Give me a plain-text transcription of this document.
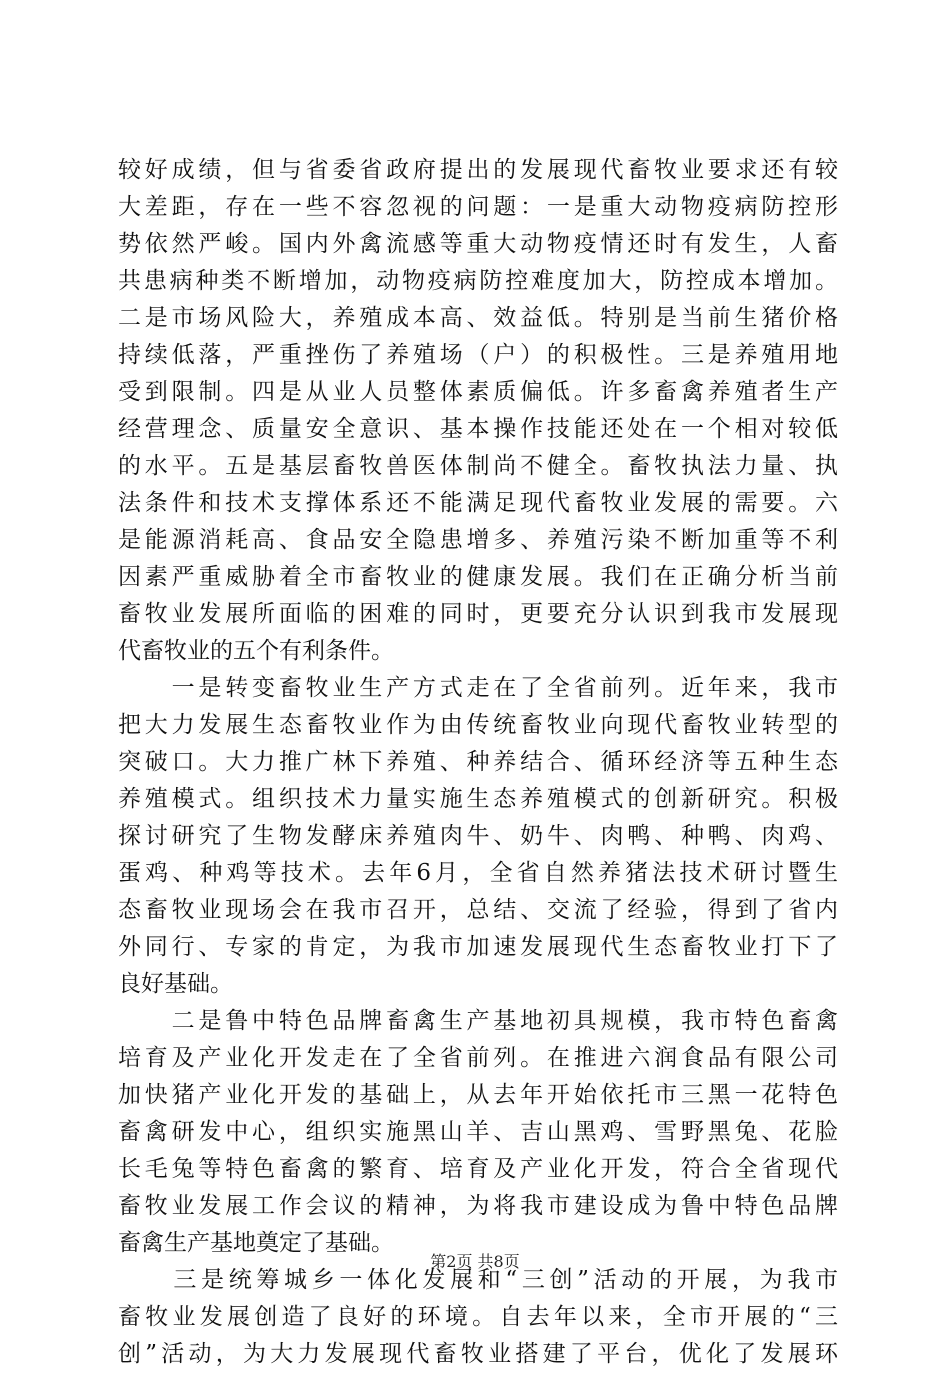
较好成绩，但与省委省政府提出的发展现代畜牧业要求还有较
大差距，存在一些不容忽视的问题：一是重大动物疫病防控形
势依然严峻。国内外禽流感等重大动物疫情还时有发生，人畜
共患病种类不断增加，动物疫病防控难度加大，防控成本增加。
二是市场风险大，养殖成本高、效益低。特别是当前生猪价格
持续低落，严重挫伤了养殖场（户）的积极性。三是养殖用地
受到限制。四是从业人员整体素质偏低。许多畜禽养殖者生产
经营理念、质量安全意识、基本操作技能还处在一个相对较低
的水平。五是基层畜牧兽医体制尚不健全。畜牧执法力量、执
法条件和技术支撑体系还不能满足现代畜牧业发展的需要。六
是能源消耗高、食品安全隐患增多、养殖污染不断加重等不利
因素严重威胁着全市畜牧业的健康发展。我们在正确分析当前
畜牧业发展所面临的困难的同时，更要充分认识到我市发展现
代畜牧业的五个有利条件。
　　一是转变畜牧业生产方式走在了全省前列。近年来，我市
把大力发展生态畜牧业作为由传统畜牧业向现代畜牧业转型的
突破口。大力推广林下养殖、种养结合、循环经济等五种生态
养殖模式。组织技术力量实施生态养殖模式的创新研究。积极
探讨研究了生物发酵床养殖肉牛、奶牛、肉鸭、种鸭、肉鸡、
蛋鸡、种鸡等技术。去年6月，全省自然养猪法技术研讨暨生
态畜牧业现场会在我市召开，总结、交流了经验，得到了省内
外同行、专家的肯定，为我市加速发展现代生态畜牧业打下了
良好基础。
　　二是鲁中特色品牌畜禽生产基地初具规模，我市特色畜禽
培育及产业化开发走在了全省前列。在推进六润食品有限公司
加快猪产业化开发的基础上，从去年开始依托市三黑一花特色
畜禽研发中心，组织实施黑山羊、吉山黑鸡、雪野黑兔、花脸
长毛兔等特色畜禽的繁育、培育及产业化开发，符合全省现代
畜牧业发展工作会议的精神，为将我市建设成为鲁中特色品牌
畜禽生产基地奠定了基础。
　　三是统筹城乡一体化发展和“三创”活动的开展，为我市
畜牧业发展创造了良好的环境。自去年以来，全市开展的“三
创”活动，为大力发展现代畜牧业搭建了平台，优化了发展环
第2页 共8页
